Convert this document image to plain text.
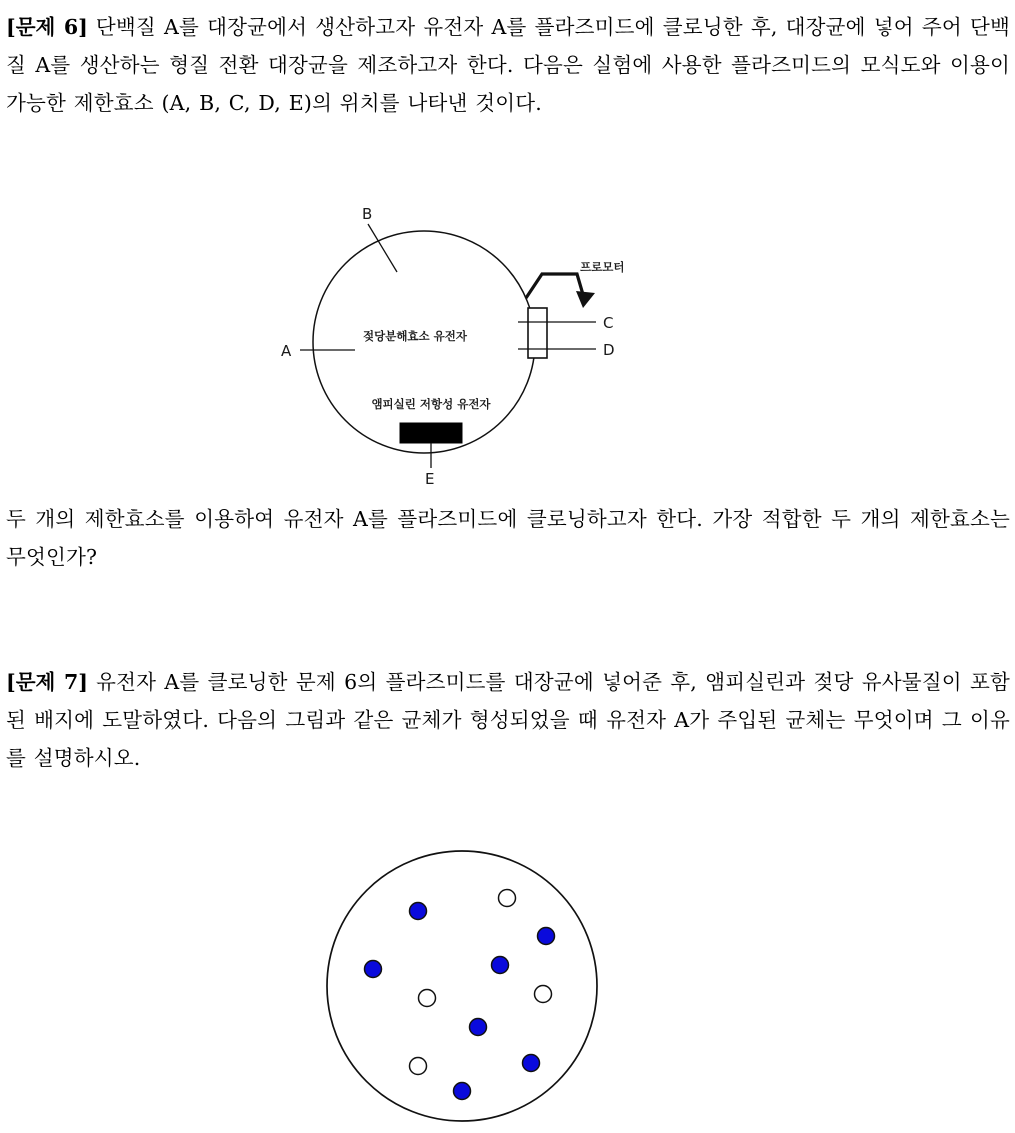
[문제 6] 단백질 A를 대장균에서 생산하고자 유전자 A를 플라즈미드에 클로닝한 후, 대장균에 넣어 주어 단백질 A를 생산하는 형질 전환 대장균을 제조하고자 한다. 다음은 실험에 사용한 플라즈미드의 모식도와 이용이 가능한 제한효소 (A, B, C, D, E)의 위치를 나타낸 것이다.
A
B
C
D
젖당분해효소 유전자
프로모터
앰피실린 저항성 유전자
E
두 개의 제한효소를 이용하여 유전자 A를 플라즈미드에 클로닝하고자 한다. 가장 적합한 두 개의 제한효소는 무엇인가?
[문제 7] 유전자 A를 클로닝한 문제 6의 플라즈미드를 대장균에 넣어준 후, 앰피실린과 젖당 유사물질이 포함된 배지에 도말하였다. 다음의 그림과 같은 균체가 형성되었을 때 유전자 A가 주입된 균체는 무엇이며 그 이유를 설명하시오.
